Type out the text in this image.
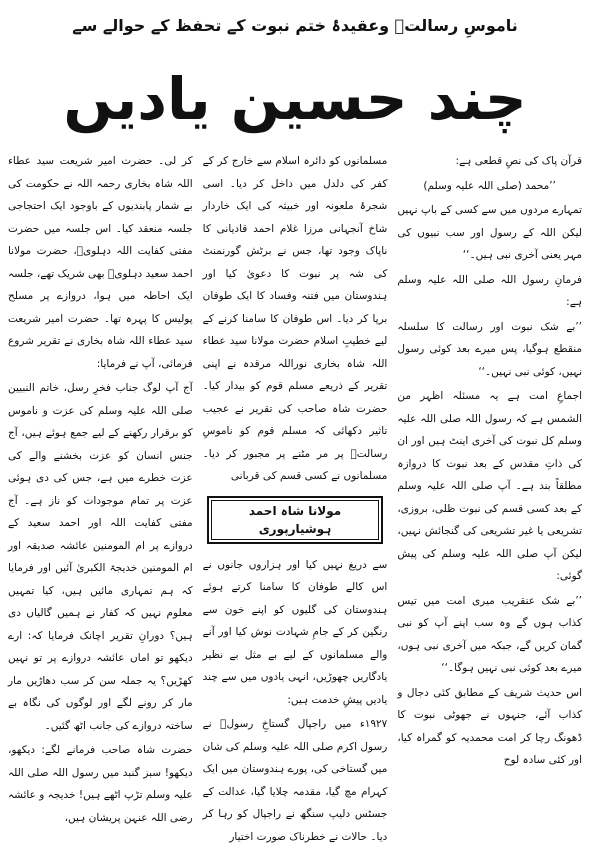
ناموسِ رسالتؐ وعقیدۂ ختم نبوت کے تحفظ کے حوالے سے
چند حسین یادیں

قرآن پاک کی نصِ قطعی ہے:

’’محمد (صلی اللہ علیہ وسلم)

تمہارے مردوں میں سے کسی کے باپ نہیں لیکن اللہ کے رسول اور سب نبیوں کی مہر یعنی آخری نبی ہیں۔‘‘

فرمانِ رسول اللہ صلی اللہ علیہ وسلم ہے:

’’بے شک نبوت اور رسالت کا سلسلہ منقطع ہوگیا، پس میرے بعد کوئی رسول نہیں، کوئی نبی نہیں۔‘‘

اجماعِ امت ہے یہ مسئلہ اظہر من الشمس ہے کہ رسول اللہ صلی اللہ علیہ وسلم کل نبوت کی آخری اینٹ ہیں اور ان کی ذاتِ مقدس کے بعد نبوت کا دروازہ مطلقاً بند ہے۔ آپ صلی اللہ علیہ وسلم کے بعد کسی قسم کی نبوت ظلی، بروزی، تشریعی یا غیر تشریعی کی گنجائش نہیں، لیکن آپ صلی اللہ علیہ وسلم کی پیش گوئی:

’’بے شک عنقریب میری امت میں تیس کذاب ہوں گے وہ سب اپنے آپ کو نبی گمان کریں گے، جبکہ میں آخری نبی ہوں، میرے بعد کوئی نبی نہیں ہوگا۔‘‘

اس حدیث شریف کے مطابق کئی دجال و کذاب آئے، جنہوں نے جھوٹی نبوت کا ڈھونگ رچا کر امت محمدیہ کو گمراہ کیا، اور کئی سادہ لوح

مسلمانوں کو دائرہ اسلام سے خارج کر کے کفر کی دلدل میں داخل کر دیا۔ اسی شجرۂ ملعونہ اور خبیثہ کی ایک خاردار شاخ آنجہانی مرزا غلام احمد قادیانی کا ناپاک وجود تھا، جس نے برٹش گورنمنٹ کی شہ پر نبوت کا دعویٰ کیا اور ہندوستان میں فتنہ وفساد کا ایک طوفان برپا کر دیا۔ اس طوفان کا سامنا کرنے کے لیے خطیبِ اسلام حضرت مولانا سید عطاء اللہ شاہ بخاری نوراللہ مرقدہ نے اپنی تقریر کے ذریعے مسلم قوم کو بیدار کیا۔ حضرت شاہ صاحب کی تقریر نے عجیب تاثیر دکھائی کہ مسلم قوم کو ناموسِ رسالتؐ پر مر مٹنے پر مجبور کر دیا۔ مسلمانوں نے کسی قسم کی قربانی

مولانا شاہ احمد ہوشیارپوری

سے دریغ نہیں کیا اور ہزاروں جانوں نے اس کالے طوفان کا سامنا کرتے ہوئے ہندوستان کی گلیوں کو اپنے خون سے رنگین کر کے جامِ شہادت نوش کیا اور آنے والے مسلمانوں کے لیے بے مثل بے نظیر یادگاریں چھوڑیں، انہی یادوں میں سے چند یادیں پیشِ خدمت ہیں:

۱۹۲۷ء میں راجپال گستاخِ رسولؐ نے رسول اکرم صلی اللہ علیہ وسلم کی شان میں گستاخی کی، پورے ہندوستان میں ایک کہرام مچ گیا، مقدمہ چلایا گیا، عدالت کے جسٹس دلیپ سنگھ نے راجپال کو رہا کر دیا۔ حالات نے خطرناک صورت اختیار

کر لی۔ حضرت امیر شریعت سید عطاء اللہ شاہ بخاری رحمہ اللہ نے حکومت کی بے شمار پابندیوں کے باوجود ایک احتجاجی جلسہ منعقد کیا۔ اس جلسہ میں حضرت مفتی کفایت اللہ دہلویؒ، حضرت مولانا احمد سعید دہلویؒ بھی شریک تھے، جلسہ ایک احاطہ میں ہوا، دروازے پر مسلح پولیس کا پہرہ تھا۔ حضرت امیر شریعت سید عطاء اللہ شاہ بخاری نے تقریر شروع فرمائی، آپ نے فرمایا:

آج آپ لوگ جناب فخرِ رسل، خاتم النبیین صلی اللہ علیہ وسلم کی عزت و ناموس کو برقرار رکھنے کے لیے جمع ہوئے ہیں، آج جنس انسان کو عزت بخشنے والے کی عزت خطرے میں ہے، جس کی دی ہوئی عزت پر تمام موجودات کو ناز ہے۔ آج مفتی کفایت اللہ اور احمد سعید کے دروازے پر ام المومنین عائشہ صدیقہ اور ام المومنین خدیجۃ الکبریٰ آئیں اور فرمایا کہ ہم تمہاری مائیں ہیں، کیا تمہیں معلوم نہیں کہ کفار نے ہمیں گالیاں دی ہیں؟ دورانِ تقریر اچانک فرمایا کہ: ارے دیکھو تو اماں عائشہ دروازے پر تو نہیں کھڑیں؟ یہ جملہ سن کر سب دھاڑیں مار مار کر رونے لگے اور لوگوں کی نگاہ بے ساختہ دروازے کی جانب اٹھ گئیں۔

حضرت شاہ صاحب فرمانے لگے: دیکھو، دیکھو! سبز گنبد میں رسول اللہ صلی اللہ علیہ وسلم تڑپ اٹھے ہیں! خدیجہ و عائشہ رضی اللہ عنہن پریشان ہیں،
